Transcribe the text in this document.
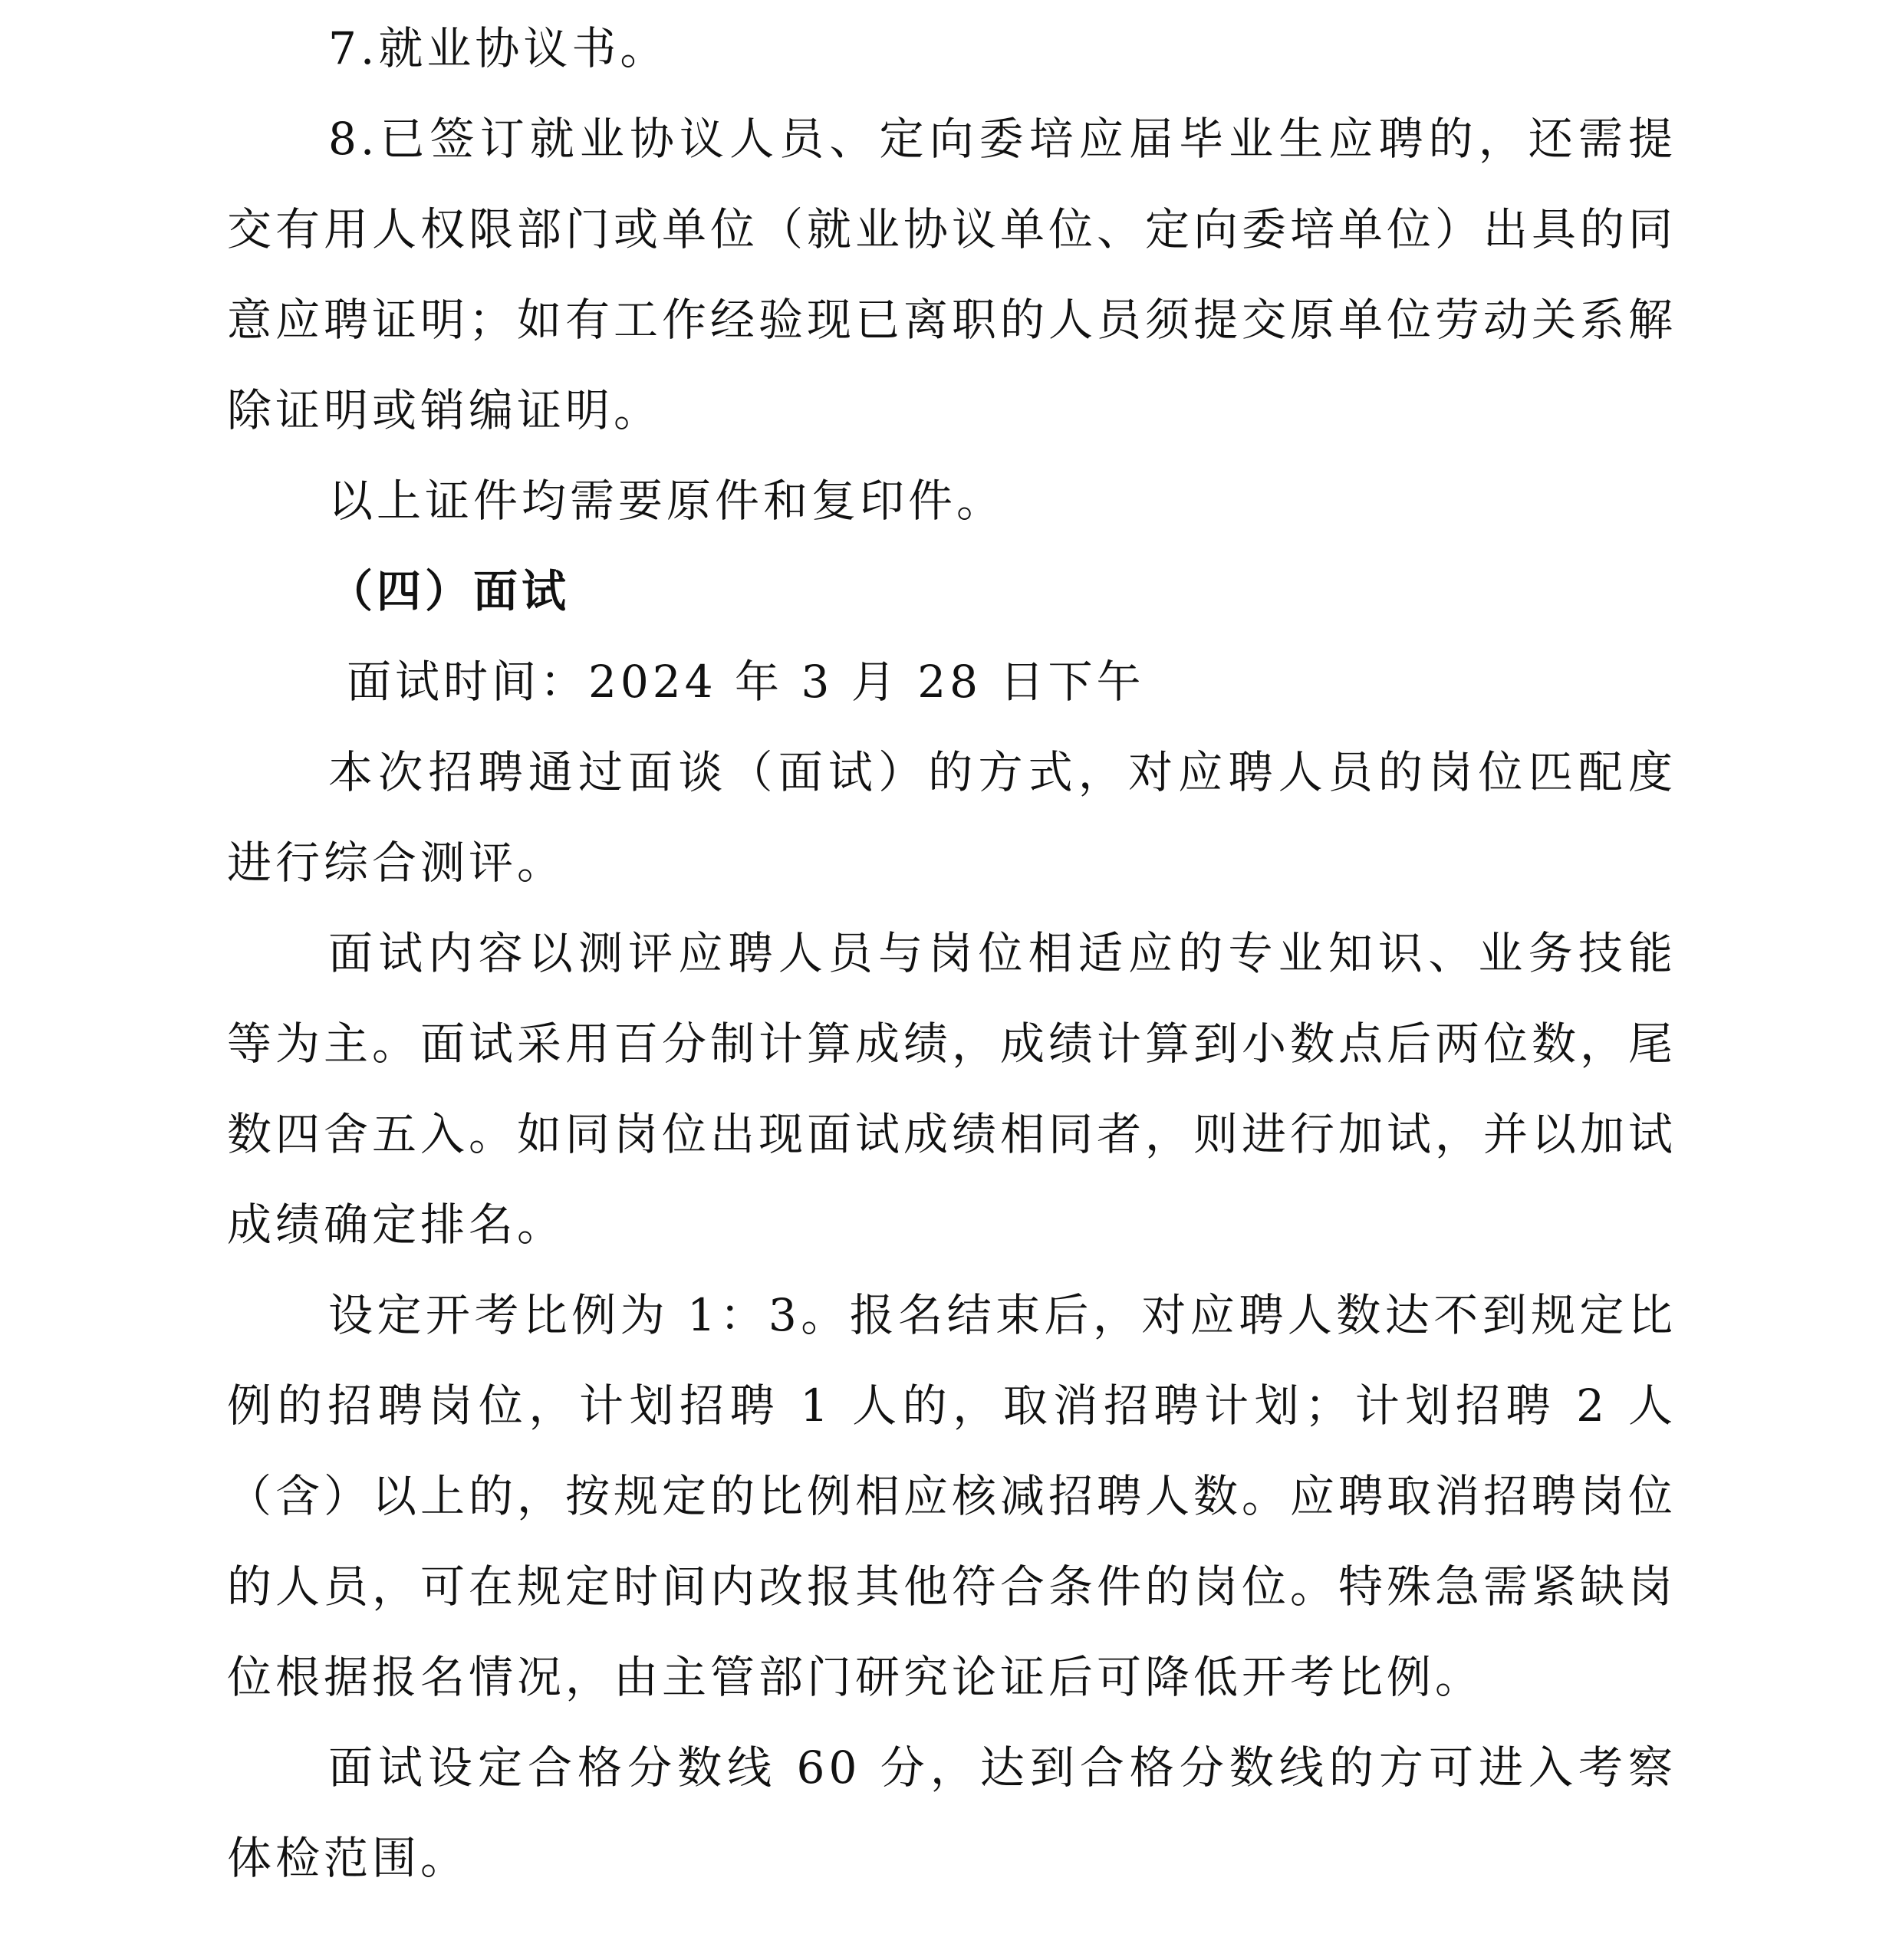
7.就业协议书。

8.已签订就业协议人员、定向委培应届毕业生应聘的，还需提交有用人权限部门或单位（就业协议单位、定向委培单位）出具的同意应聘证明；如有工作经验现已离职的人员须提交原单位劳动关系解除证明或销编证明。

以上证件均需要原件和复印件。

（四）面试

面试时间：2024 年 3 月 28 日下午

本次招聘通过面谈（面试）的方式，对应聘人员的岗位匹配度进行综合测评。

面试内容以测评应聘人员与岗位相适应的专业知识、业务技能等为主。面试采用百分制计算成绩，成绩计算到小数点后两位数，尾数四舍五入。如同岗位出现面试成绩相同者，则进行加试，并以加试成绩确定排名。

设定开考比例为 1：3。报名结束后，对应聘人数达不到规定比例的招聘岗位，计划招聘 1 人的，取消招聘计划；计划招聘 2 人（含）以上的，按规定的比例相应核减招聘人数。应聘取消招聘岗位的人员，可在规定时间内改报其他符合条件的岗位。特殊急需紧缺岗位根据报名情况，由主管部门研究论证后可降低开考比例。

面试设定合格分数线 60 分，达到合格分数线的方可进入考察体检范围。
